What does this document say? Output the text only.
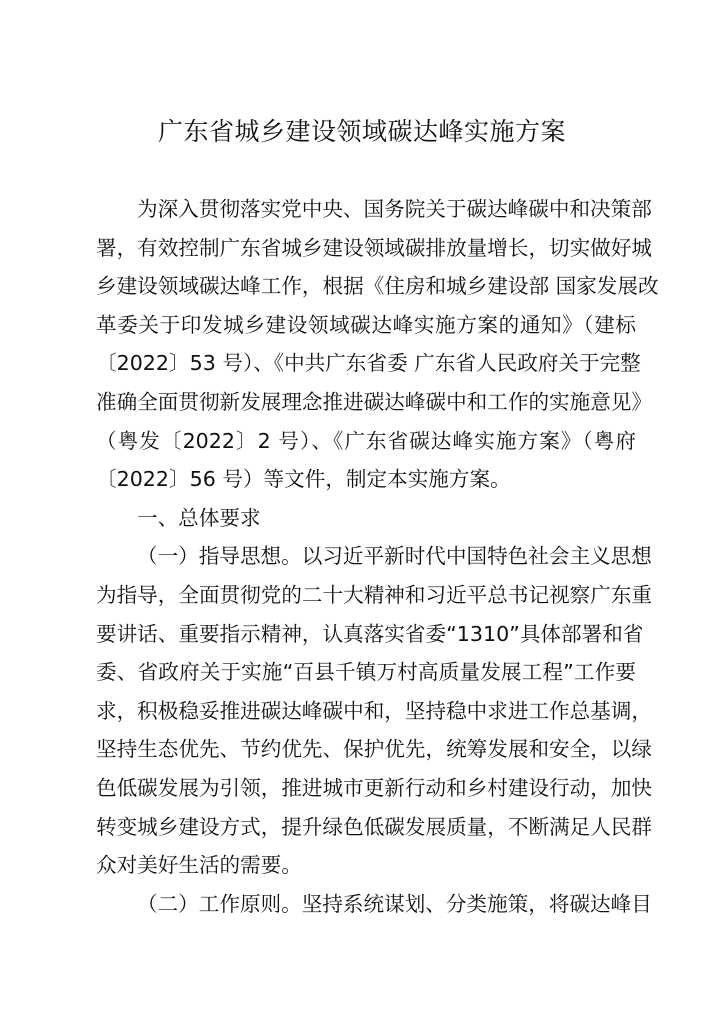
广东省城乡建设领域碳达峰实施方案
为深入贯彻落实党中央、国务院关于碳达峰碳中和决策部
署，有效控制广东省城乡建设领域碳排放量增长，切实做好城
乡建设领域碳达峰工作，根据《住房和城乡建设部 国家发展改
革委关于印发城乡建设领域碳达峰实施方案的通知》（建标
〔2022〕53 号）、《中共广东省委 广东省人民政府关于完整
准确全面贯彻新发展理念推进碳达峰碳中和工作的实施意见》
（粤发〔2022〕2 号）、《广东省碳达峰实施方案》（粤府
〔2022〕56 号）等文件，制定本实施方案。
一、总体要求
（一）指导思想。以习近平新时代中国特色社会主义思想
为指导，全面贯彻党的二十大精神和习近平总书记视察广东重
要讲话、重要指示精神，认真落实省委“1310”具体部署和省
委、省政府关于实施“百县千镇万村高质量发展工程”工作要
求，积极稳妥推进碳达峰碳中和，坚持稳中求进工作总基调，
坚持生态优先、节约优先、保护优先，统筹发展和安全，以绿
色低碳发展为引领，推进城市更新行动和乡村建设行动，加快
转变城乡建设方式，提升绿色低碳发展质量，不断满足人民群
众对美好生活的需要。
（二）工作原则。坚持系统谋划、分类施策，将碳达峰目
